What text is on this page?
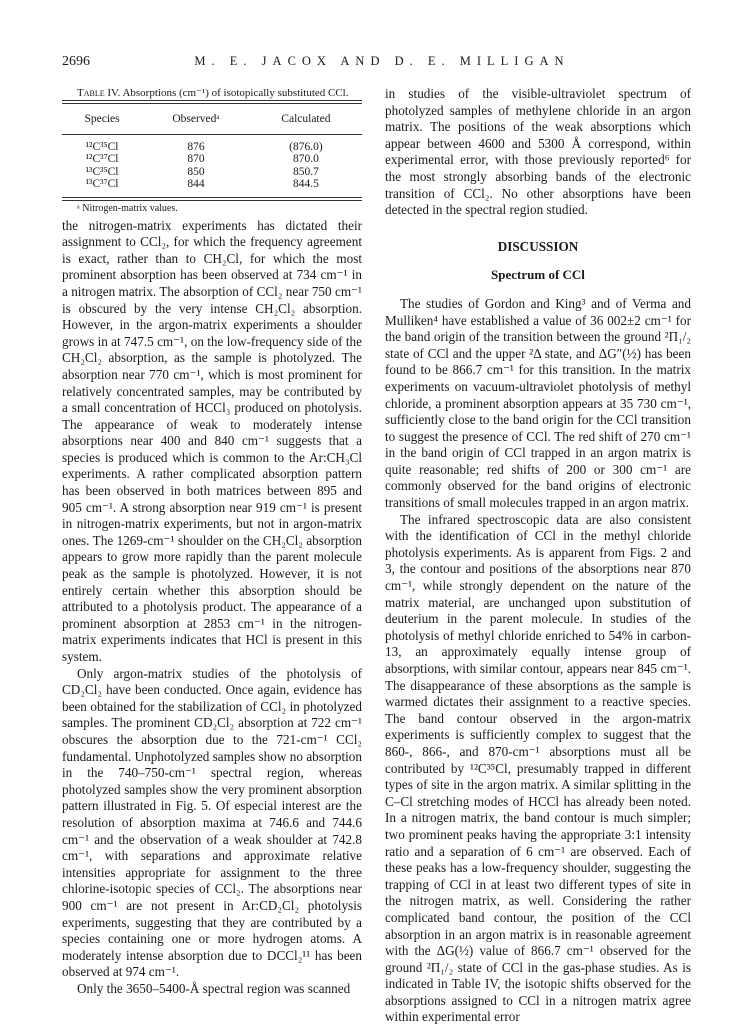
2696	M. E. JACOX AND D. E. MILLIGAN

Table IV. Absorptions (cm⁻¹) of isotopically substituted CCl.

Species	Observedᵃ	Calculated
¹²C³⁵Cl	876	(876.0)
¹²C³⁷Cl	870	870.0
¹³C³⁵Cl	850	850.7
¹³C³⁷Cl	844	844.5

ᵃ Nitrogen-matrix values.

the nitrogen-matrix experiments has dictated their assignment to CCl₂, for which the frequency agreement is exact, rather than to CH₂Cl, for which the most prominent absorption has been observed at 734 cm⁻¹ in a nitrogen matrix. The absorption of CCl₂ near 750 cm⁻¹ is obscured by the very intense CH₂Cl₂ absorption. However, in the argon-matrix experiments a shoulder grows in at 747.5 cm⁻¹, on the low-frequency side of the CH₂Cl₂ absorption, as the sample is photolyzed. The absorption near 770 cm⁻¹, which is most prominent for relatively concentrated samples, may be contributed by a small concentration of HCCl₃ produced on photolysis. The appearance of weak to moderately intense absorptions near 400 and 840 cm⁻¹ suggests that a species is produced which is common to the Ar:CH₃Cl experiments. A rather complicated absorption pattern has been observed in both matrices between 895 and 905 cm⁻¹. A strong absorption near 919 cm⁻¹ is present in nitrogen-matrix experiments, but not in argon-matrix ones. The 1269-cm⁻¹ shoulder on the CH₂Cl₂ absorption appears to grow more rapidly than the parent molecule peak as the sample is photolyzed. However, it is not entirely certain whether this absorption should be attributed to a photolysis product. The appearance of a prominent absorption at 2853 cm⁻¹ in the nitrogen-matrix experiments indicates that HCl is present in this system.

Only argon-matrix studies of the photolysis of CD₂Cl₂ have been conducted. Once again, evidence has been obtained for the stabilization of CCl₂ in photolyzed samples. The prominent CD₂Cl₂ absorption at 722 cm⁻¹ obscures the absorption due to the 721-cm⁻¹ CCl₂ fundamental. Unphotolyzed samples show no absorption in the 740–750-cm⁻¹ spectral region, whereas photolyzed samples show the very prominent absorption pattern illustrated in Fig. 5. Of especial interest are the resolution of absorption maxima at 746.6 and 744.6 cm⁻¹ and the observation of a weak shoulder at 742.8 cm⁻¹, with separations and approximate relative intensities appropriate for assignment to the three chlorine-isotopic species of CCl₂. The absorptions near 900 cm⁻¹ are not present in Ar:CD₂Cl₂ photolysis experiments, suggesting that they are contributed by a species containing one or more hydrogen atoms. A moderately intense absorption due to DCCl₂¹¹ has been observed at 974 cm⁻¹.

Only the 3650–5400-Å spectral region was scanned

in studies of the visible-ultraviolet spectrum of photolyzed samples of methylene chloride in an argon matrix. The positions of the weak absorptions which appear between 4600 and 5300 Å correspond, within experimental error, with those previously reported⁶ for the most strongly absorbing bands of the electronic transition of CCl₂. No other absorptions have been detected in the spectral region studied.

DISCUSSION
Spectrum of CCl

The studies of Gordon and King³ and of Verma and Mulliken⁴ have established a value of 36 002±2 cm⁻¹ for the band origin of the transition between the ground ²Π₁/₂ state of CCl and the upper ²Δ state, and ΔG″(½) has been found to be 866.7 cm⁻¹ for this transition. In the matrix experiments on vacuum-ultraviolet photolysis of methyl chloride, a prominent absorption appears at 35 730 cm⁻¹, sufficiently close to the band origin for the CCl transition to suggest the presence of CCl. The red shift of 270 cm⁻¹ in the band origin of CCl trapped in an argon matrix is quite reasonable; red shifts of 200 or 300 cm⁻¹ are commonly observed for the band origins of electronic transitions of small molecules trapped in an argon matrix.

The infrared spectroscopic data are also consistent with the identification of CCl in the methyl chloride photolysis experiments. As is apparent from Figs. 2 and 3, the contour and positions of the absorptions near 870 cm⁻¹, while strongly dependent on the nature of the matrix material, are unchanged upon substitution of deuterium in the parent molecule. In studies of the photolysis of methyl chloride enriched to 54% in carbon-13, an approximately equally intense group of absorptions, with similar contour, appears near 845 cm⁻¹. The disappearance of these absorptions as the sample is warmed dictates their assignment to a reactive species. The band contour observed in the argon-matrix experiments is sufficiently complex to suggest that the 860-, 866-, and 870-cm⁻¹ absorptions must all be contributed by ¹²C³⁵Cl, presumably trapped in different types of site in the argon matrix. A similar splitting in the C–Cl stretching modes of HCCl has already been noted. In a nitrogen matrix, the band contour is much simpler; two prominent peaks having the appropriate 3:1 intensity ratio and a separation of 6 cm⁻¹ are observed. Each of these peaks has a low-frequency shoulder, suggesting the trapping of CCl in at least two different types of site in the nitrogen matrix, as well. Considering the rather complicated band contour, the position of the CCl absorption in an argon matrix is in reasonable agreement with the ΔG(½) value of 866.7 cm⁻¹ observed for the ground ²Π₁/₂ state of CCl in the gas-phase studies. As is indicated in Table IV, the isotopic shifts observed for the absorptions assigned to CCl in a nitrogen matrix agree within experimental error
